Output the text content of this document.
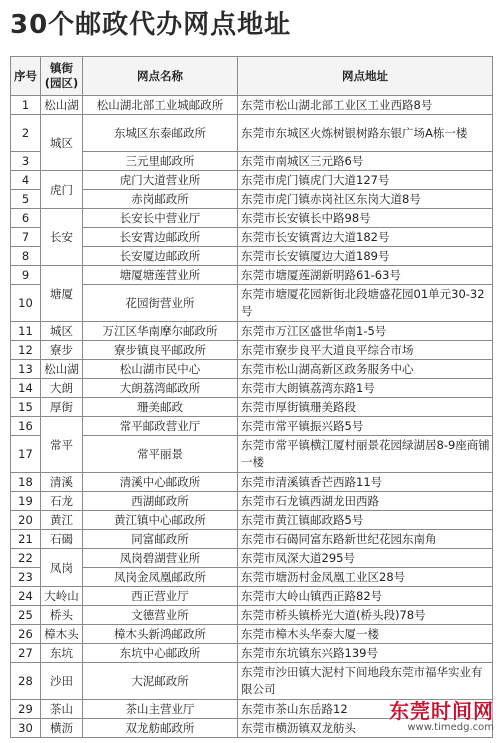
30个邮政代办网点地址
序号	镇街(园区)	网点名称	网点地址
1	松山湖	松山湖北部工业城邮政所	东莞市松山湖北部工业区工业西路8号
2	城区	东城区东泰邮政所	东莞市东城区火炼树银树路东银广场A栋一楼
3		三元里邮政所	东莞市南城区三元路6号
4	虎门	虎门大道营业所	东莞市虎门镇虎门大道127号
5		赤岗邮政所	东莞市虎门镇赤岗社区东岗大道8号
6	长安	长安长中营业厅	东莞市长安镇长中路98号
7		长安霄边邮政所	东莞市长安镇霄边大道182号
8		长安厦边邮政所	东莞市长安镇厦边大道189号
9	塘厦	塘厦塘莲营业所	东莞市塘厦莲湖新明路61-63号
10		花园街营业所	东莞市塘厦花园新街北段塘盛花园01单元30-32号
11	城区	万江区华南摩尔邮政所	东莞市万江区盛世华南1-5号
12	寮步	寮步镇良平邮政所	东莞市寮步良平大道良平综合市场
13	松山湖	松山湖市民中心	东莞市松山湖高新区政务服务中心
14	大朗	大朗荔湾邮政所	东莞市大朗镇荔湾东路1号
15	厚街	珊美邮政	东莞市厚街镇珊美路段
16	常平	常平邮政营业厅	东莞市常平镇振兴路5号
17		常平丽景	东莞市常平镇横江厦村丽景花园绿湖居8-9座商铺一楼
18	清溪	清溪中心邮政所	东莞市清溪镇香芒西路11号
19	石龙	西湖邮政所	东莞市石龙镇西湖龙田西路
20	黄江	黄江镇中心邮政所	东莞市黄江镇邮政路5号
21	石碣	同富邮政所	东莞市石碣同富东路新世纪花园东南角
22	凤岗	凤岗碧湖营业所	东莞市凤深大道295号
23		凤岗金凤凰邮政所	东莞市塘沥村金凤凰工业区28号
24	大岭山	西正营业厅	东莞市大岭山镇西正路82号
25	桥头	文德营业所	东莞市桥头镇桥光大道(桥头段)78号
26	樟木头	樟木头新鸿邮政所	东莞市樟木头华泰大厦一楼
27	东坑	东坑中心邮政所	东莞市东坑镇东兴路139号
28	沙田	大泥邮政所	东莞市沙田镇大泥村下间地段东莞市福华实业有限公司
29	茶山	茶山主营业厅	东莞市茶山东岳路12
30	横沥	双龙舫邮政所	东莞市横沥镇双龙舫头
东莞时间网
www.timedg.com
